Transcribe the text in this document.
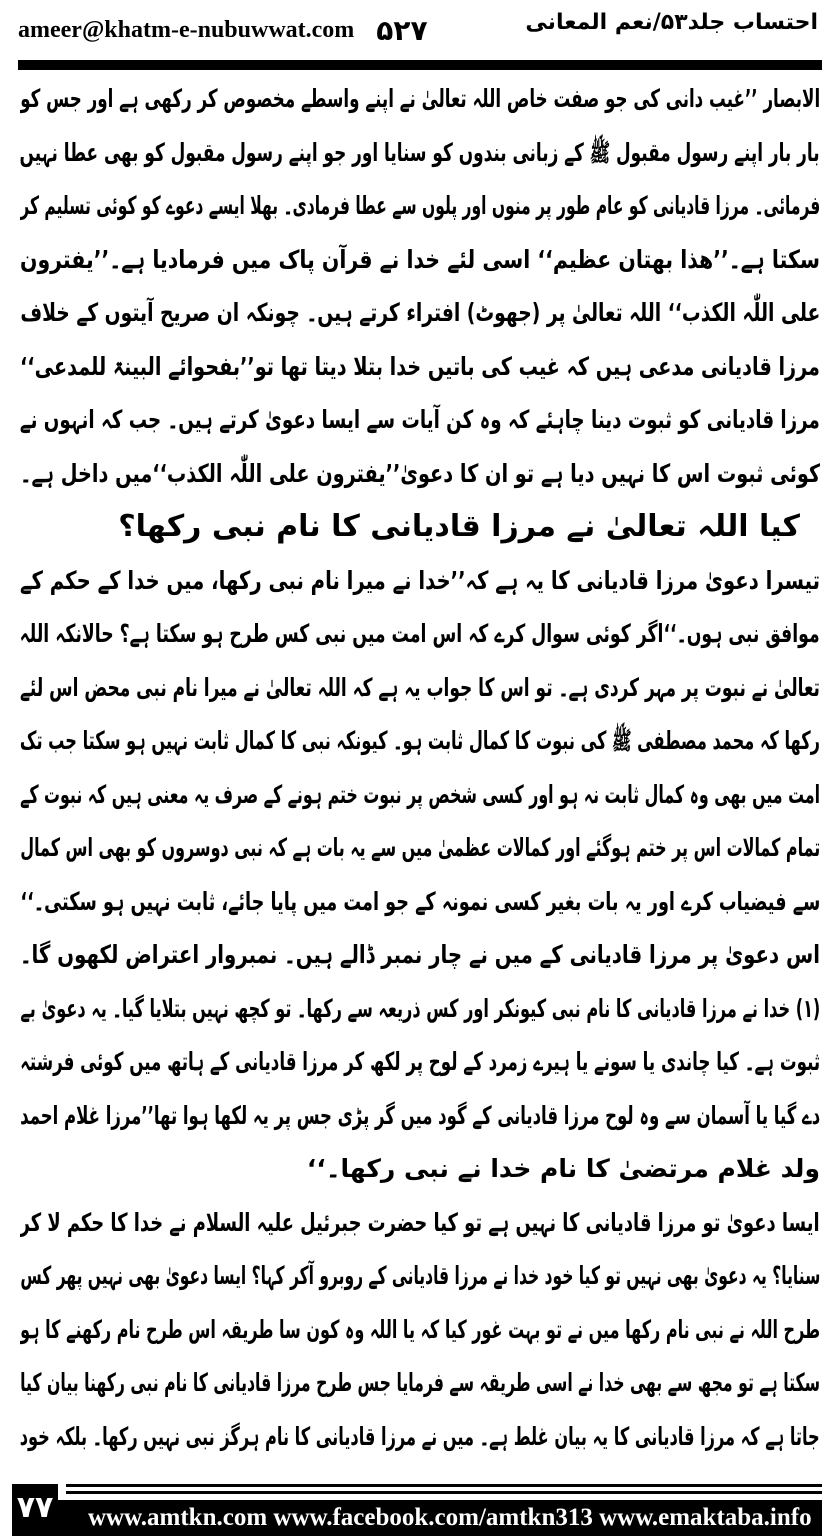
ameer@khatm-e-nubuwwat.com ۵۲۷	احتساب جلد۵۳/نعم المعانی
الابصار ’’غیب دانی کی جو صفت خاص اللہ تعالیٰ نے اپنے واسطے مخصوص کر رکھی ہے اور جس کو
بار بار اپنے رسول مقبول ﷺ کے زبانی بندوں کو سنایا اور جو اپنے رسول مقبول کو بھی عطا نہیں
فرمائی۔ مرزا قادیانی کو عام طور پر منوں اور پلوں سے عطا فرمادی۔ بھلا ایسے دعوے کو کوئی تسلیم کر
سکتا ہے۔’’ھذا بھتان عظیم‘‘ اسی لئے خدا نے قرآن پاک میں فرمادیا ہے۔’’یفترون
علی اللّٰہ الکذب‘‘ اللہ تعالیٰ پر (جھوٹ) افتراء کرتے ہیں۔ چونکہ ان صریح آیتوں کے خلاف
مرزا قادیانی مدعی ہیں کہ غیب کی باتیں خدا بتلا دیتا تھا تو’’بفحوائے البینۃ للمدعی‘‘
مرزا قادیانی کو ثبوت دینا چاہئے کہ وہ کن آیات سے ایسا دعویٰ کرتے ہیں۔ جب کہ انہوں نے
کوئی ثبوت اس کا نہیں دیا ہے تو ان کا دعویٰ’’یفترون علی اللّٰہ الکذب‘‘میں داخل ہے۔
کیا اللہ تعالیٰ نے مرزا قادیانی کا نام نبی رکھا؟
تیسرا دعویٰ مرزا قادیانی کا یہ ہے کہ’’خدا نے میرا نام نبی رکھا، میں خدا کے حکم کے
موافق نبی ہوں۔‘‘اگر کوئی سوال کرے کہ اس امت میں نبی کس طرح ہو سکتا ہے؟ حالانکہ اللہ
تعالیٰ نے نبوت پر مہر کردی ہے۔ تو اس کا جواب یہ ہے کہ اللہ تعالیٰ نے میرا نام نبی محض اس لئے
رکھا کہ محمد مصطفی ﷺ کی نبوت کا کمال ثابت ہو۔ کیونکہ نبی کا کمال ثابت نہیں ہو سکتا جب تک
امت میں بھی وہ کمال ثابت نہ ہو اور کسی شخص پر نبوت ختم ہونے کے صرف یہ معنی ہیں کہ نبوت کے
تمام کمالات اس پر ختم ہوگئے اور کمالات عظمیٰ میں سے یہ بات ہے کہ نبی دوسروں کو بھی اس کمال
سے فیضیاب کرے اور یہ بات بغیر کسی نمونہ کے جو امت میں پایا جائے، ثابت نہیں ہو سکتی۔‘‘
اس دعویٰ پر مرزا قادیانی کے میں نے چار نمبر ڈالے ہیں۔ نمبروار اعتراض لکھوں گا۔
(۱) خدا نے مرزا قادیانی کا نام نبی کیونکر اور کس ذریعہ سے رکھا۔ تو کچھ نہیں بتلایا گیا۔ یہ دعویٰ بے
ثبوت ہے۔ کیا چاندی یا سونے یا ہیرے زمرد کے لوح پر لکھ کر مرزا قادیانی کے ہاتھ میں کوئی فرشتہ
دے گیا یا آسمان سے وہ لوح مرزا قادیانی کے گود میں گر پڑی جس پر یہ لکھا ہوا تھا’’مرزا غلام احمد
ولد غلام مرتضیٰ کا نام خدا نے نبی رکھا۔‘‘
ایسا دعویٰ تو مرزا قادیانی کا نہیں ہے تو کیا حضرت جبرئیل علیہ السلام نے خدا کا حکم لا کر
سنایا؟ یہ دعویٰ بھی نہیں تو کیا خود خدا نے مرزا قادیانی کے روبرو آکر کہا؟ ایسا دعویٰ بھی نہیں پھر کس
طرح اللہ نے نبی نام رکھا میں نے تو بہت غور کیا کہ یا اللہ وہ کون سا طریقہ اس طرح نام رکھنے کا ہو
سکتا ہے تو مجھ سے بھی خدا نے اسی طریقہ سے فرمایا جس طرح مرزا قادیانی کا نام نبی رکھنا بیان کیا
جاتا ہے کہ مرزا قادیانی کا یہ بیان غلط ہے۔ میں نے مرزا قادیانی کا نام ہرگز نبی نہیں رکھا۔ بلکہ خود
۷۷	www.amtkn.com www.facebook.com/amtkn313 www.emaktaba.info
